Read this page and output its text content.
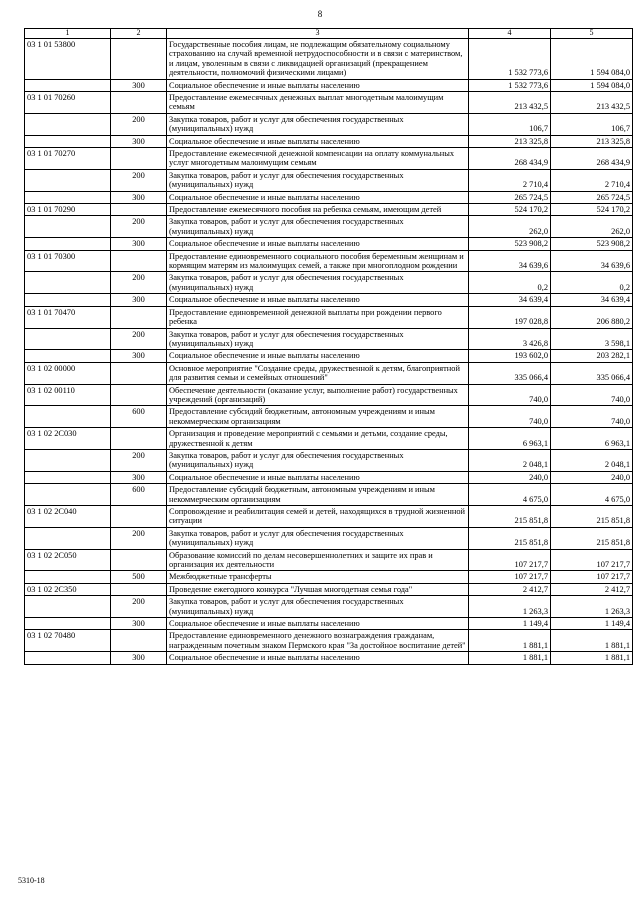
8
1	2	3	4	5
03 1 01 53800		Государственные пособия лицам, не подлежащим обязательному социальному страхованию на случай временной нетрудоспособности и в связи с материнством, и лицам, уволенным в связи с ликвидацией организаций (прекращением деятельности, полномочий физическими лицами)	1 532 773,6	1 594 084,0
	300	Социальное обеспечение и иные выплаты населению	1 532 773,6	1 594 084,0
03 1 01 70260		Предоставление ежемесячных денежных выплат многодетным малоимущим семьям	213 432,5	213 432,5
	200	Закупка товаров, работ и услуг для обеспечения государственных (муниципальных) нужд	106,7	106,7
	300	Социальное обеспечение и иные выплаты населению	213 325,8	213 325,8
03 1 01 70270		Предоставление ежемесячной денежной компенсации на оплату коммунальных услуг многодетным малоимущим семьям	268 434,9	268 434,9
	200	Закупка товаров, работ и услуг для обеспечения государственных (муниципальных) нужд	2 710,4	2 710,4
	300	Социальное обеспечение и иные выплаты населению	265 724,5	265 724,5
03 1 01 70290		Предоставление ежемесячного пособия на ребенка семьям, имеющим детей	524 170,2	524 170,2
	200	Закупка товаров, работ и услуг для обеспечения государственных (муниципальных) нужд	262,0	262,0
	300	Социальное обеспечение и иные выплаты населению	523 908,2	523 908,2
03 1 01 70300		Предоставление единовременного социального пособия беременным женщинам и кормящим матерям из малоимущих семей, а также при многоплодном рождении	34 639,6	34 639,6
	200	Закупка товаров, работ и услуг для обеспечения государственных (муниципальных) нужд	0,2	0,2
	300	Социальное обеспечение и иные выплаты населению	34 639,4	34 639,4
03 1 01 70470		Предоставление единовременной денежной выплаты при рождении первого ребенка	197 028,8	206 880,2
	200	Закупка товаров, работ и услуг для обеспечения государственных (муниципальных) нужд	3 426,8	3 598,1
	300	Социальное обеспечение и иные выплаты населению	193 602,0	203 282,1
03 1 02 00000		Основное мероприятие "Создание среды, дружественной к детям, благоприятной для развития семьи и семейных отношений"	335 066,4	335 066,4
03 1 02 00110		Обеспечение деятельности (оказание услуг, выполнение работ) государственных учреждений (организаций)	740,0	740,0
	600	Предоставление субсидий бюджетным, автономным учреждениям и иным некоммерческим организациям	740,0	740,0
03 1 02 2С030		Организация и проведение мероприятий с семьями и детьми, создание среды, дружественной к детям	6 963,1	6 963,1
	200	Закупка товаров, работ и услуг для обеспечения государственных (муниципальных) нужд	2 048,1	2 048,1
	300	Социальное обеспечение и иные выплаты населению	240,0	240,0
	600	Предоставление субсидий бюджетным, автономным учреждениям и иным некоммерческим организациям	4 675,0	4 675,0
03 1 02 2С040		Сопровождение и реабилитация семей и детей, находящихся в трудной жизненной ситуации	215 851,8	215 851,8
	200	Закупка товаров, работ и услуг для обеспечения государственных (муниципальных) нужд	215 851,8	215 851,8
03 1 02 2С050		Образование комиссий по делам несовершеннолетних и защите их прав и организация их деятельности	107 217,7	107 217,7
	500	Межбюджетные трансферты	107 217,7	107 217,7
03 1 02 2С350		Проведение ежегодного конкурса "Лучшая многодетная семья года"	2 412,7	2 412,7
	200	Закупка товаров, работ и услуг для обеспечения государственных (муниципальных) нужд	1 263,3	1 263,3
	300	Социальное обеспечение и иные выплаты населению	1 149,4	1 149,4
03 1 02 70480		Предоставление единовременного денежного вознаграждения гражданам, награжденным почетным знаком Пермского края "За достойное воспитание детей"	1 881,1	1 881,1
	300	Социальное обеспечение и иные выплаты населению	1 881,1	1 881,1
5310-18
